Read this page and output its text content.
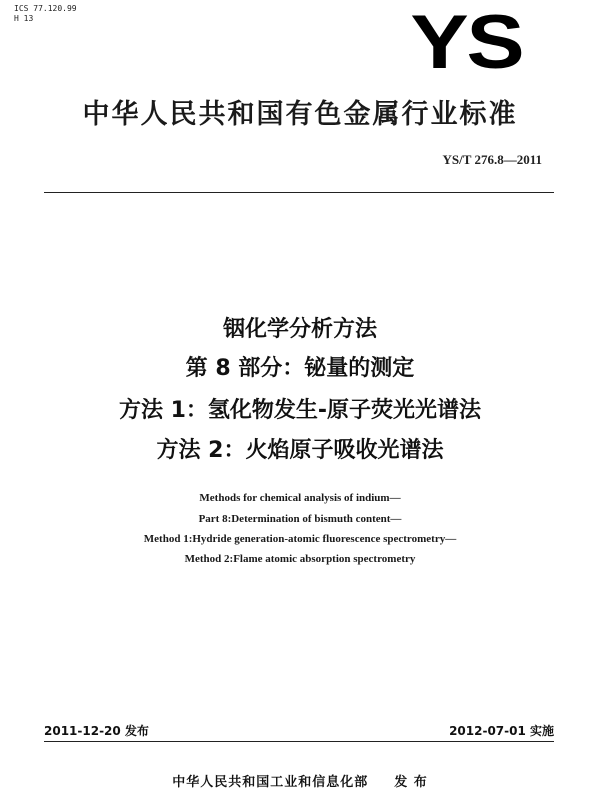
ICS 77.120.99
H 13	YS
中华人民共和国有色金属行业标准
YS/T 276.8—2011
铟化学分析方法
第 8 部分：铋量的测定
方法 1：氢化物发生-原子荧光光谱法
方法 2：火焰原子吸收光谱法
Methods for chemical analysis of indium—
Part 8:Determination of bismuth content—
Method 1:Hydride generation-atomic fluorescence spectrometry—
Method 2:Flame atomic absorption spectrometry
2011-12-20 发布	2012-07-01 实施
中华人民共和国工业和信息化部 发 布
